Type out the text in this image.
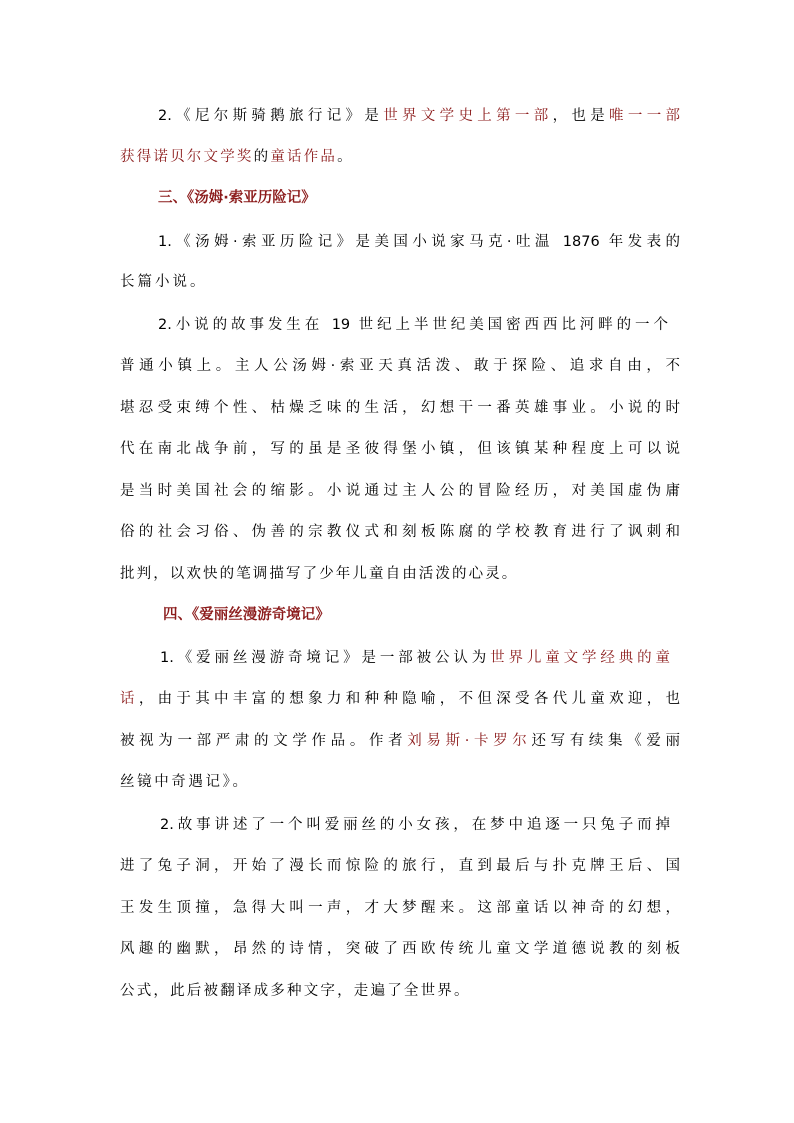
2.《尼尔斯骑鹅旅行记》是世界文学史上第一部，也是唯一一部
获得诺贝尔文学奖的童话作品。
三、《汤姆·索亚历险记》
1.《汤姆·索亚历险记》是美国小说家马克·吐温 1876 年发表的
长篇小说。
2.小说的故事发生在 19 世纪上半世纪美国密西西比河畔的一个
普通小镇上。主人公汤姆·索亚天真活泼、敢于探险、追求自由，不
堪忍受束缚个性、枯燥乏味的生活，幻想干一番英雄事业。小说的时
代在南北战争前，写的虽是圣彼得堡小镇，但该镇某种程度上可以说
是当时美国社会的缩影。小说通过主人公的冒险经历，对美国虚伪庸
俗的社会习俗、伪善的宗教仪式和刻板陈腐的学校教育进行了讽刺和
批判，以欢快的笔调描写了少年儿童自由活泼的心灵。
四、《爱丽丝漫游奇境记》
1.《爱丽丝漫游奇境记》是一部被公认为世界儿童文学经典的童
话，由于其中丰富的想象力和种种隐喻，不但深受各代儿童欢迎，也
被视为一部严肃的文学作品。作者刘易斯·卡罗尔还写有续集《爱丽
丝镜中奇遇记》。
2.故事讲述了一个叫爱丽丝的小女孩，在梦中追逐一只兔子而掉
进了兔子洞，开始了漫长而惊险的旅行，直到最后与扑克牌王后、国
王发生顶撞，急得大叫一声，才大梦醒来。这部童话以神奇的幻想，
风趣的幽默，昂然的诗情，突破了西欧传统儿童文学道德说教的刻板
公式，此后被翻译成多种文字，走遍了全世界。
